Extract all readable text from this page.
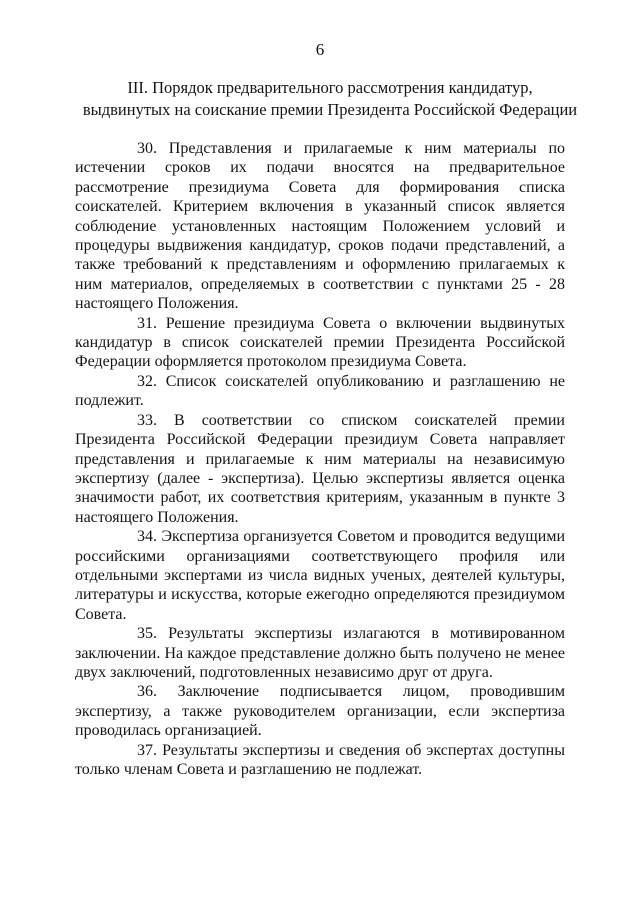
6
III. Порядок предварительного рассмотрения кандидатур,
выдвинутых на соискание премии Президента Российской Федерации

30. Представления и прилагаемые к ним материалы по истечении сроков их подачи вносятся на предварительное рассмотрение президиума Совета для формирования списка соискателей. Критерием включения в указанный список является соблюдение установленных настоящим Положением условий и процедуры выдвижения кандидатур, сроков подачи представлений, а также требований к представлениям и оформлению прилагаемых к ним материалов, определяемых в соответствии с пунктами 25 - 28 настоящего Положения.

31. Решение президиума Совета о включении выдвинутых кандидатур в список соискателей премии Президента Российской Федерации оформляется протоколом президиума Совета.

32. Список соискателей опубликованию и разглашению не подлежит.

33. В соответствии со списком соискателей премии Президента Российской Федерации президиум Совета направляет представления и прилагаемые к ним материалы на независимую экспертизу (далее - экспертиза). Целью экспертизы является оценка значимости работ, их соответствия критериям, указанным в пункте 3 настоящего Положения.

34. Экспертиза организуется Советом и проводится ведущими российскими организациями соответствующего профиля или отдельными экспертами из числа видных ученых, деятелей культуры, литературы и искусства, которые ежегодно определяются президиумом Совета.

35. Результаты экспертизы излагаются в мотивированном заключении. На каждое представление должно быть получено не менее двух заключений, подготовленных независимо друг от друга.

36. Заключение подписывается лицом, проводившим экспертизу, а также руководителем организации, если экспертиза проводилась организацией.

37. Результаты экспертизы и сведения об экспертах доступны только членам Совета и разглашению не подлежат.
